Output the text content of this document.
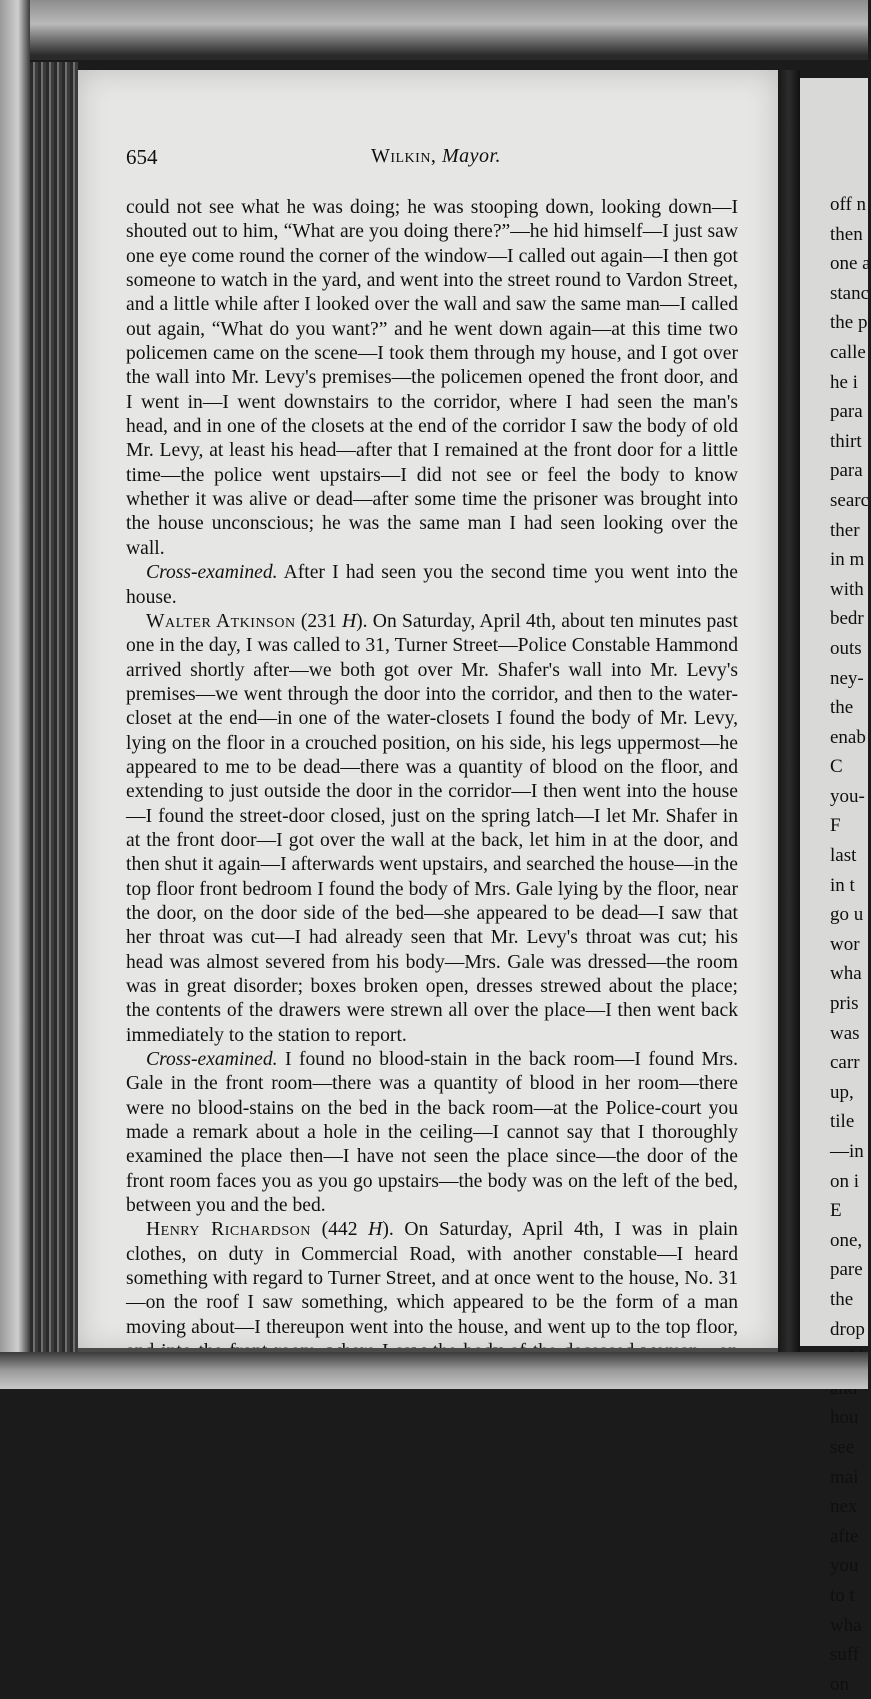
off n
then
one a
stanc
the p
calle
he i
para
thirt
para
searc
ther
in m
with
bedr
outs
ney-
the
enab
C
you-
F
last
in t
go u
wor
wha
pris
was
carr
up,
tile
—in
on i
E
one,
pare
the
drop
hou
see
mai
nex
afte
you
to t
wha
suff
on
654	Wilkin, Mayor.

could not see what he was doing; he was stooping down, looking down—I shouted out to him, “What are you doing there?”—he hid himself—I just saw one eye come round the corner of the window—I called out again—I then got someone to watch in the yard, and went into the street round to Vardon Street, and a little while after I looked over the wall and saw the same man—I called out again, “What do you want?” and he went down again—at this time two policemen came on the scene—I took them through my house, and I got over the wall into Mr. Levy's premises—the policemen opened the front door, and I went in—I went downstairs to the corridor, where I had seen the man's head, and in one of the closets at the end of the corridor I saw the body of old Mr. Levy, at least his head—after that I remained at the front door for a little time—the police went upstairs—I did not see or feel the body to know whether it was alive or dead—after some time the prisoner was brought into the house unconscious; he was the same man I had seen looking over the wall.

Cross-examined. After I had seen you the second time you went into the house.

Walter Atkinson (231 H). On Saturday, April 4th, about ten minutes past one in the day, I was called to 31, Turner Street—Police Constable Hammond arrived shortly after—we both got over Mr. Shafer's wall into Mr. Levy's premises—we went through the door into the corridor, and then to the water-closet at the end—in one of the water-closets I found the body of Mr. Levy, lying on the floor in a crouched position, on his side, his legs uppermost—he appeared to me to be dead—there was a quantity of blood on the floor, and extending to just outside the door in the corridor—I then went into the house—I found the street-door closed, just on the spring latch—I let Mr. Shafer in at the front door—I got over the wall at the back, let him in at the door, and then shut it again—I afterwards went upstairs, and searched the house—in the top floor front bedroom I found the body of Mrs. Gale lying by the floor, near the door, on the door side of the bed—she appeared to be dead—I saw that her throat was cut—I had already seen that Mr. Levy's throat was cut; his head was almost severed from his body—Mrs. Gale was dressed—the room was in great disorder; boxes broken open, dresses strewed about the place; the contents of the drawers were strewn all over the place—I then went back immediately to the station to report.

Cross-examined. I found no blood-stain in the back room—I found Mrs. Gale in the front room—there was a quantity of blood in her room—there were no blood-stains on the bed in the back room—at the Police-court you made a remark about a hole in the ceiling—I cannot say that I thoroughly examined the place then—I have not seen the place since—the door of the front room faces you as you go upstairs—the body was on the left of the bed, between you and the bed.

Henry Richardson (442 H). On Saturday, April 4th, I was in plain clothes, on duty in Commercial Road, with another constable—I heard something with regard to Turner Street, and at once went to the house, No. 31—on the roof I saw something, which appeared to be the form of a man moving about—I thereupon went into the house, and went up to the top floor,
